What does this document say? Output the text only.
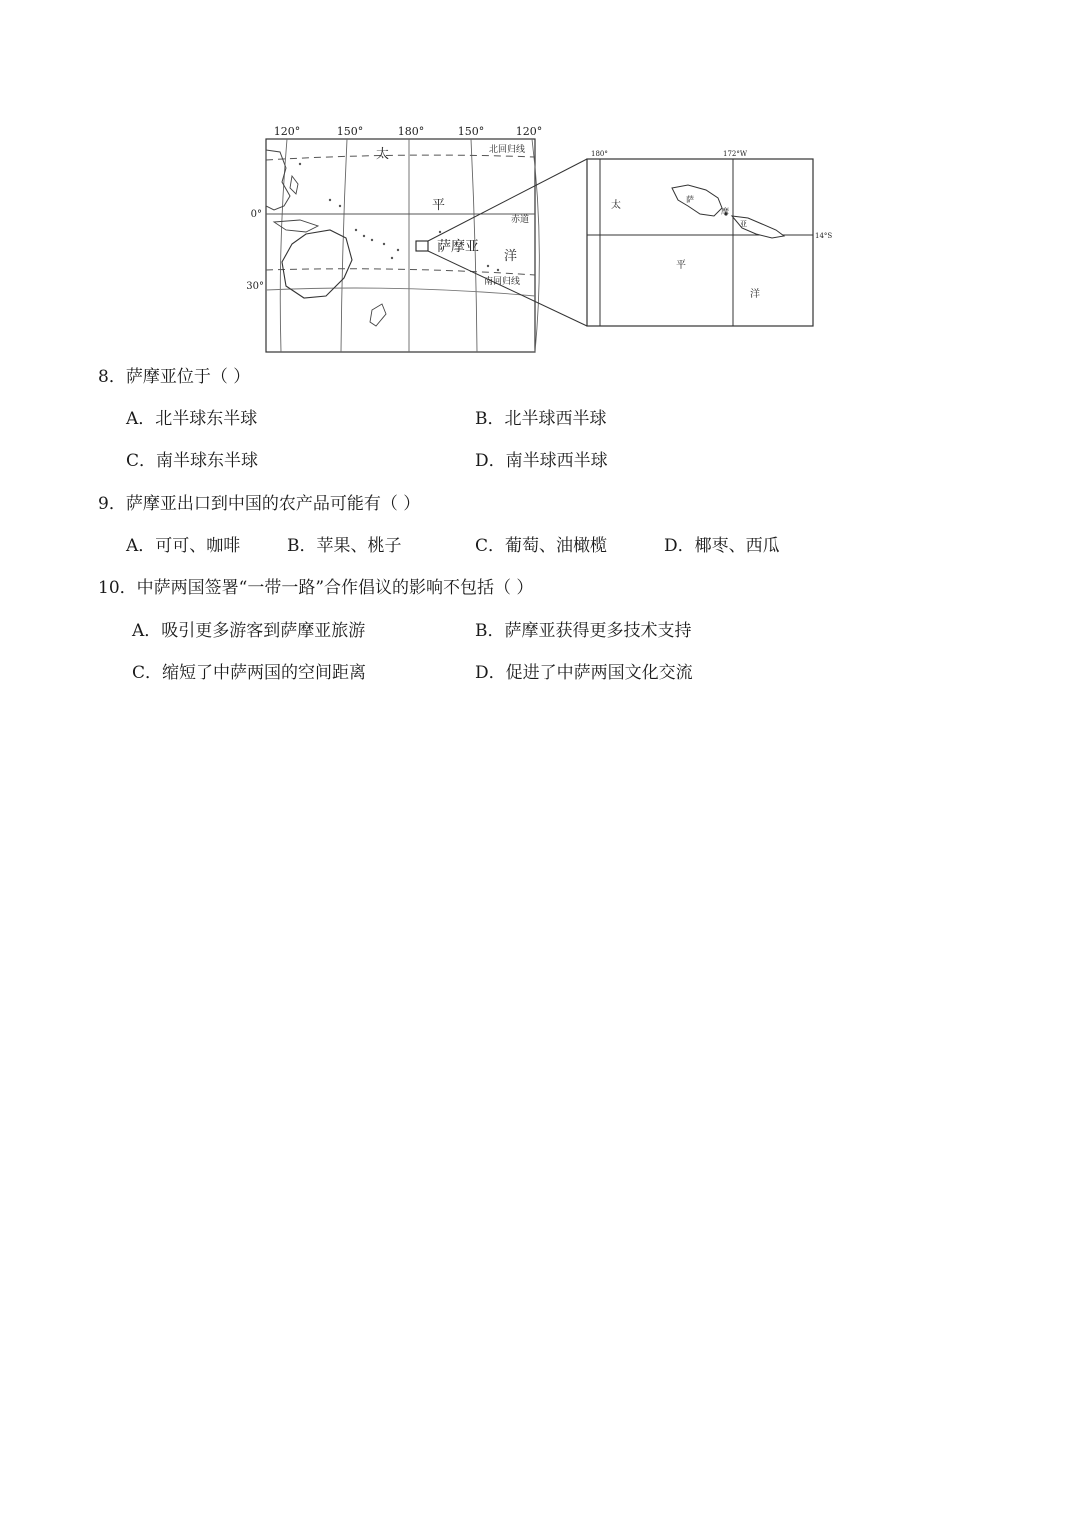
120°	150°	180°	150°	120°
0°
30°
北回归线
赤道
南回归线
太
平
洋
萨摩亚
180°	172°W
14°S
太
平
洋
萨
摩
亚
8．萨摩亚位于（ ）
A．北半球东半球	B．北半球西半球
C．南半球东半球	D．南半球西半球
9．萨摩亚出口到中国的农产品可能有（ ）
A．可可、咖啡	B．苹果、桃子	C．葡萄、油橄榄	D．椰枣、西瓜
10．中萨两国签署“一带一路”合作倡议的影响不包括（ ）
A．吸引更多游客到萨摩亚旅游	B．萨摩亚获得更多技术支持
C．缩短了中萨两国的空间距离	D．促进了中萨两国文化交流
